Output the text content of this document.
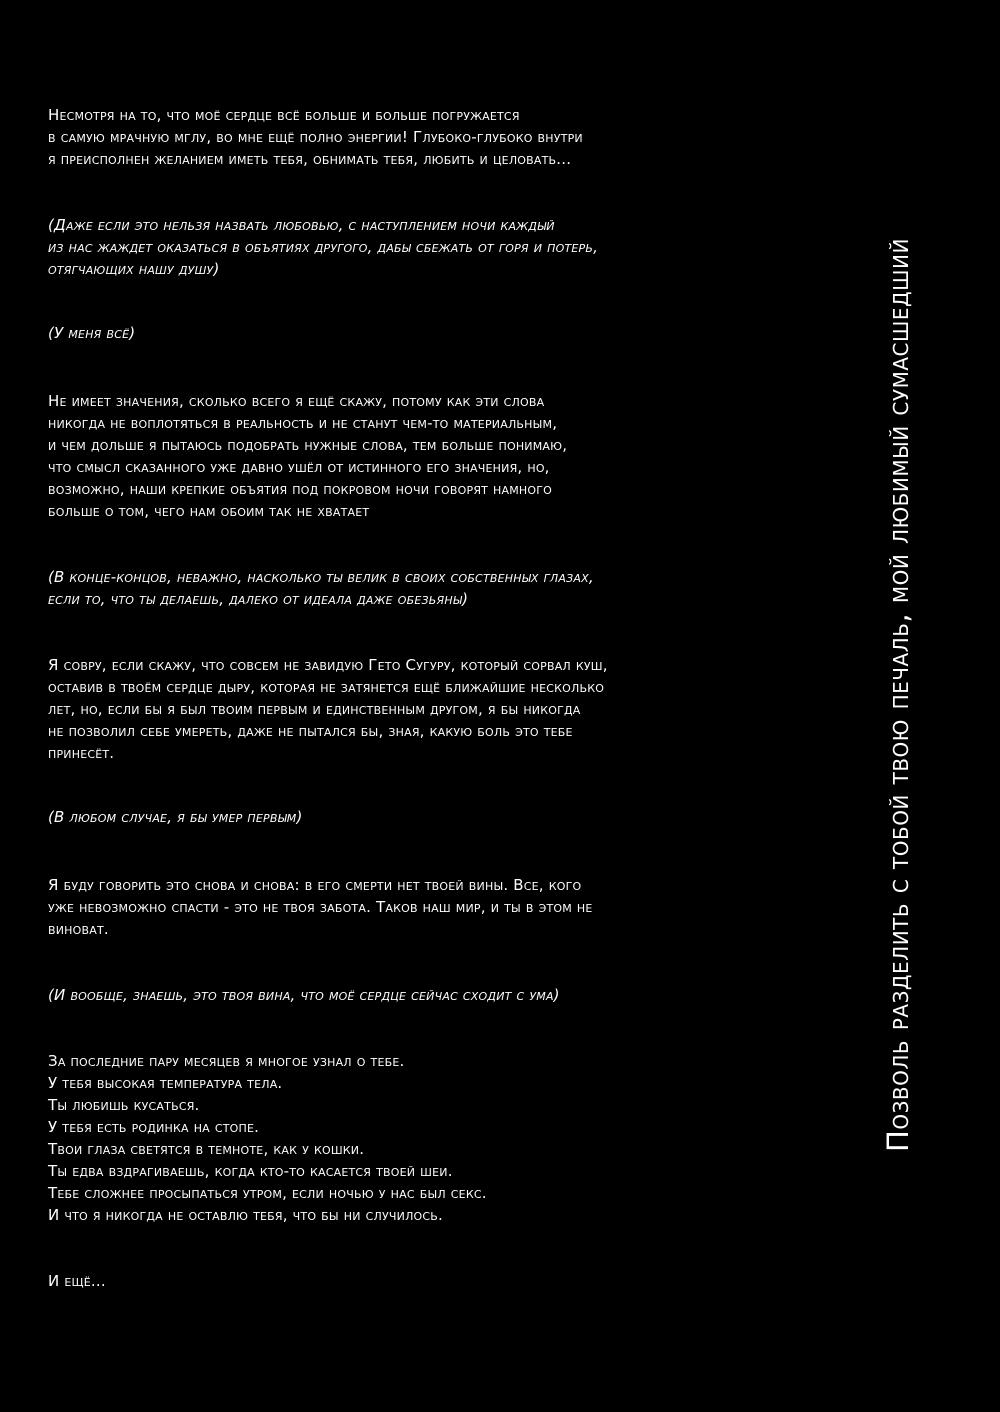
Несмотря на то, что моё сердце всё больше и больше погружается
в самую мрачную мглу, во мне ещё полно энергии! Глубоко-глубоко внутри
я преисполнен желанием иметь тебя, обнимать тебя, любить и целовать...
(Даже если это нельзя назвать любовью, с наступлением ночи каждый
из нас жаждет оказаться в объятиях другого, дабы сбежать от горя и потерь,
отягчающих нашу душу)
(У меня всё)
Не имеет значения, сколько всего я ещё скажу, потому как эти слова
никогда не воплотяться в реальность и не станут чем-то материальным,
и чем дольше я пытаюсь подобрать нужные слова, тем больше понимаю,
что смысл сказанного уже давно ушёл от истинного его значения, но,
возможно, наши крепкие объятия под покровом ночи говорят намного
больше о том, чего нам обоим так не хватает
(В конце-концов, неважно, насколько ты велик в своих собственных глазах,
если то, что ты делаешь, далеко от идеала даже обезьяны)
Я совру, если скажу, что совсем не завидую Гето Сугуру, который сорвал куш,
оставив в твоём сердце дыру, которая не затянется ещё ближайшие несколько
лет, но, если бы я был твоим первым и единственным другом, я бы никогда
не позволил себе умереть, даже не пытался бы, зная, какую боль это тебе
принесёт.
(В любом случае, я бы умер первым)
Я буду говорить это снова и снова: в его смерти нет твоей вины. Все, кого
уже невозможно спасти - это не твоя забота. Таков наш мир, и ты в этом не
виноват.
(И вообще, знаешь, это твоя вина, что моё сердце сейчас сходит с ума)
За последние пару месяцев я многое узнал о тебе.
У тебя высокая температура тела.
Ты любишь кусаться.
У тебя есть родинка на стопе.
Твои глаза светятся в темноте, как у кошки.
Ты едва вздрагиваешь, когда кто-то касается твоей шеи.
Тебе сложнее просыпаться утром, если ночью у нас был секс.
И что я никогда не оставлю тебя, что бы ни случилось.
И ещё...
Позволь разделить с тобой твою печаль, мой любимый сумасшедший
